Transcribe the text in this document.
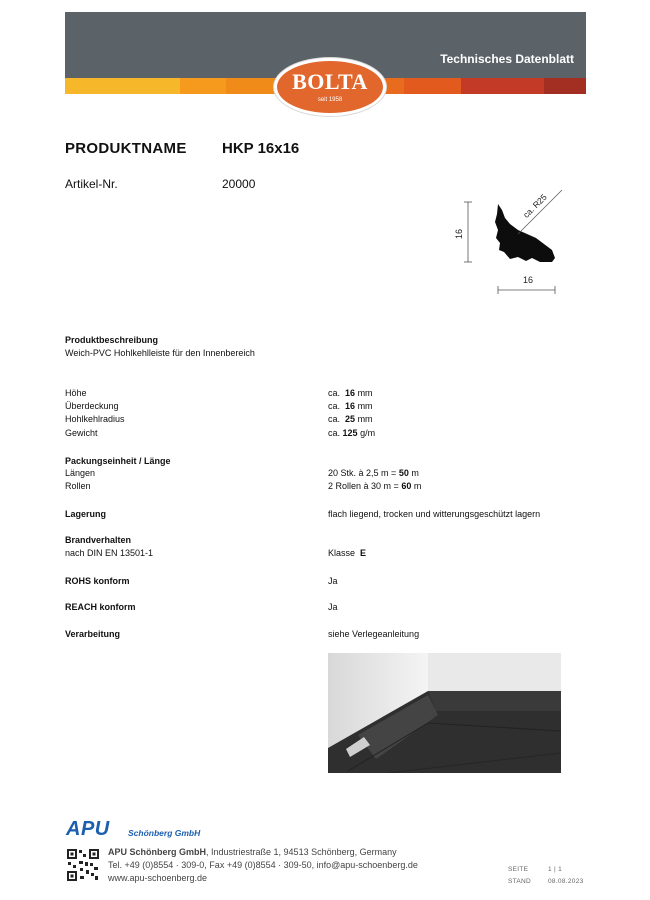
Technisches Datenblatt
BOLTA
seit 1958
PRODUKTNAME HKP 16x16
Artikel-Nr.	20000
16
ca. R25
16
Produktbeschreibung
Weich-PVC Hohlkehlleiste für den Innenbereich
Höhe	ca. 16 mm
Überdeckung	ca. 16 mm
Hohlkehlradius	ca. 25 mm
Gewicht	ca. 125 g/m
Packungseinheit / Länge
Längen	20 Stk. à 2,5 m = 50 m
Rollen	2 Rollen à 30 m = 60 m
Lagerung	flach liegend, trocken und witterungsgeschützt lagern
Brandverhalten
nach DIN EN 13501-1	Klasse E
ROHS konform	Ja
REACH konform	Ja
Verarbeitung	siehe Verlegeanleitung
APU Schönberg GmbH
APU Schönberg GmbH, Industriestraße 1, 94513 Schönberg, Germany
Tel. +49 (0)8554 · 309-0, Fax +49 (0)8554 · 309-50, info@apu-schoenberg.de
www.apu-schoenberg.de
SEITE	1 | 1
STAND	08.08.2023
